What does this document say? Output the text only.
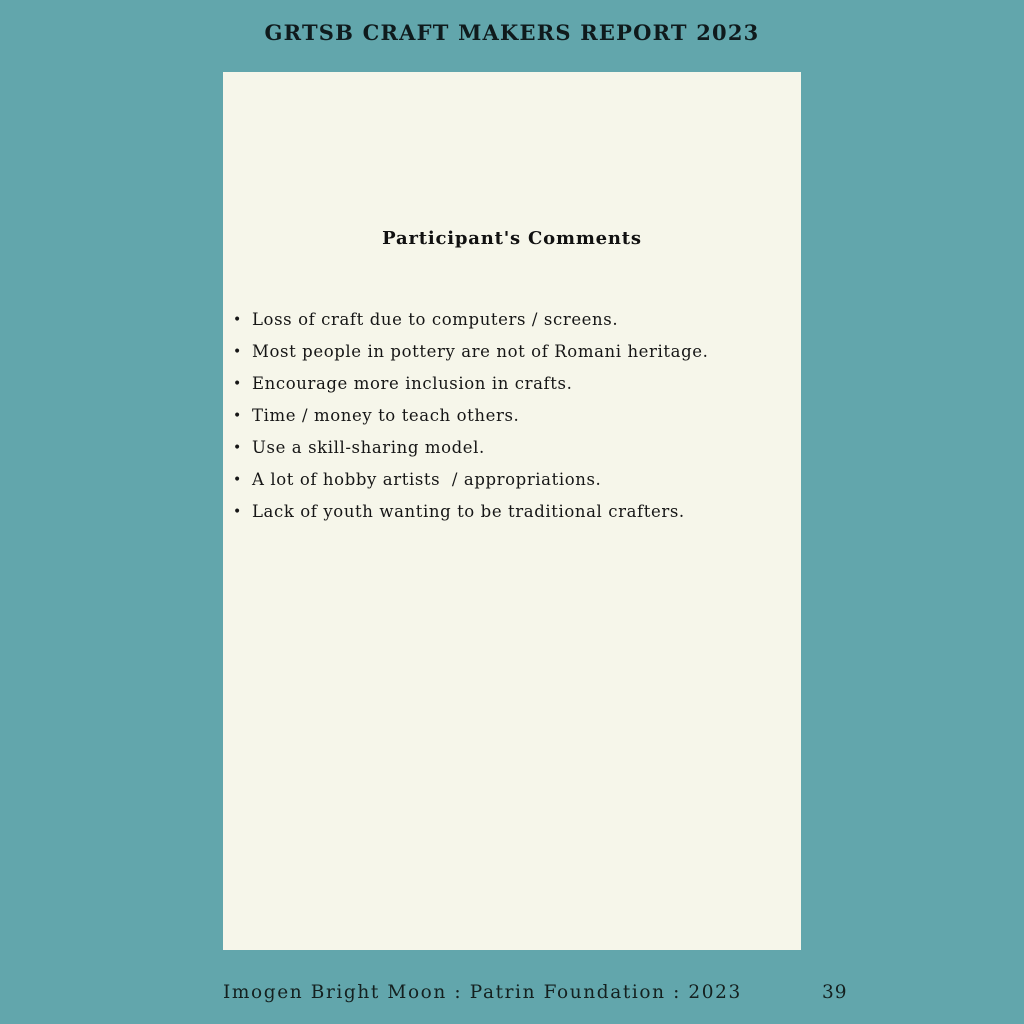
GRTSB CRAFT MAKERS REPORT 2023
Participant's Comments
• Loss of craft due to computers / screens.
• Most people in pottery are not of Romani heritage.
• Encourage more inclusion in crafts.
• Time / money to teach others.
• Use a skill-sharing model.
• A lot of hobby artists  / appropriations.
• Lack of youth wanting to be traditional crafters.
Imogen Bright Moon : Patrin Foundation : 2023	39
